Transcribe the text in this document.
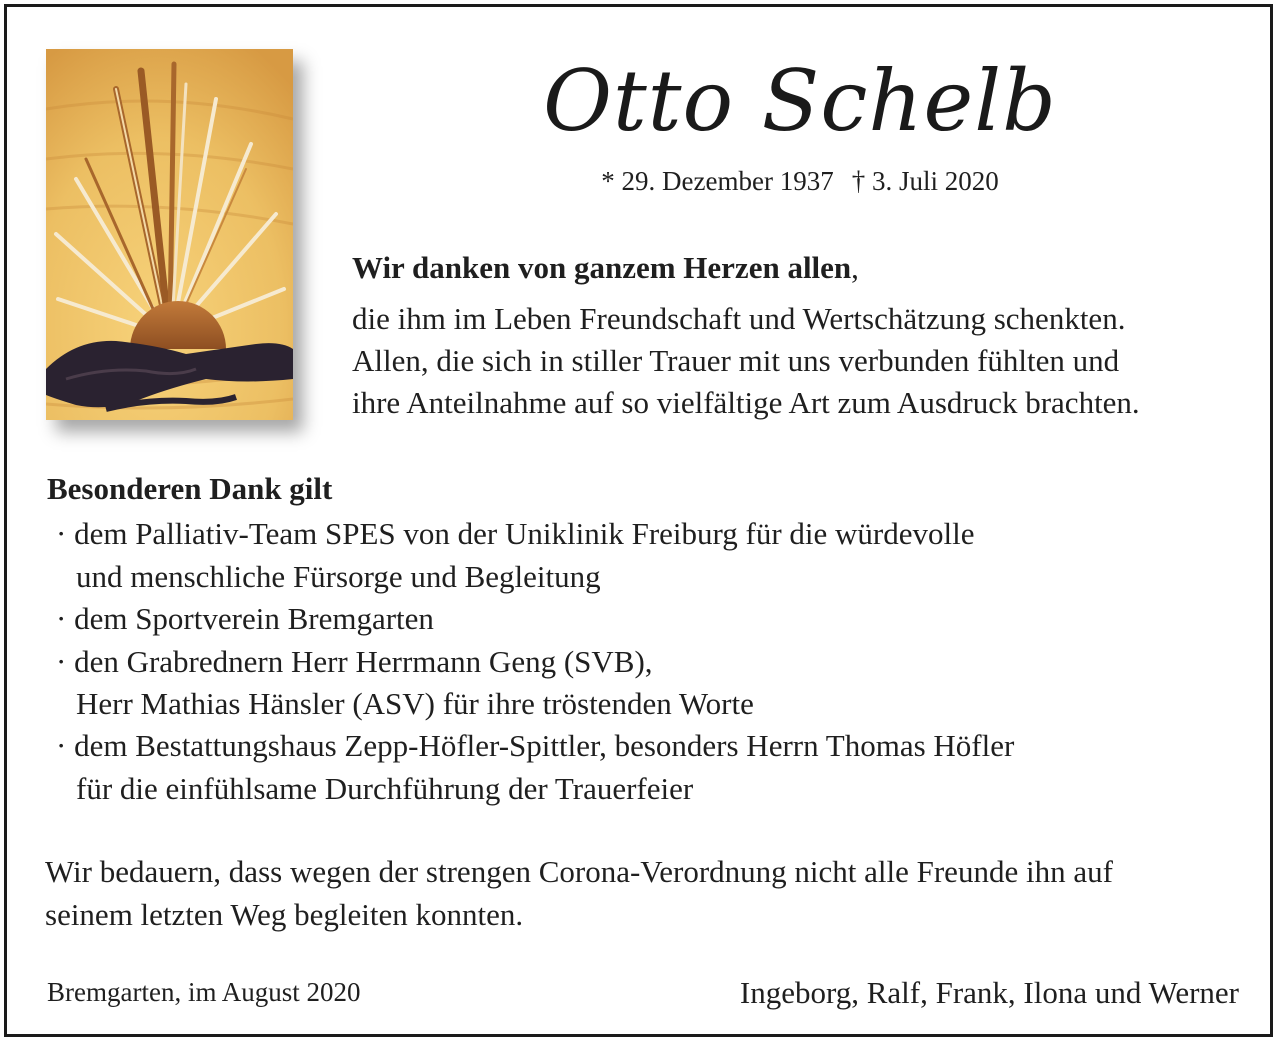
Otto Schelb
* 29. Dezember 1937 † 3. Juli 2020
Wir danken von ganzem Herzen allen,
die ihm im Leben Freundschaft und Wertschätzung schenkten.
Allen, die sich in stiller Trauer mit uns verbunden fühlten und
ihre Anteilnahme auf so vielfältige Art zum Ausdruck brachten.
Besonderen Dank gilt
· dem Palliativ-Team SPES von der Uniklinik Freiburg für die würdevolle
und menschliche Fürsorge und Begleitung
· dem Sportverein Bremgarten
· den Grabrednern Herr Herrmann Geng (SVB),
Herr Mathias Hänsler (ASV) für ihre tröstenden Worte
· dem Bestattungshaus Zepp-Höfler-Spittler, besonders Herrn Thomas Höfler
für die einfühlsame Durchführung der Trauerfeier
Wir bedauern, dass wegen der strengen Corona-Verordnung nicht alle Freunde ihn auf
seinem letzten Weg begleiten konnten.
Bremgarten, im August 2020	Ingeborg, Ralf, Frank, Ilona und Werner
